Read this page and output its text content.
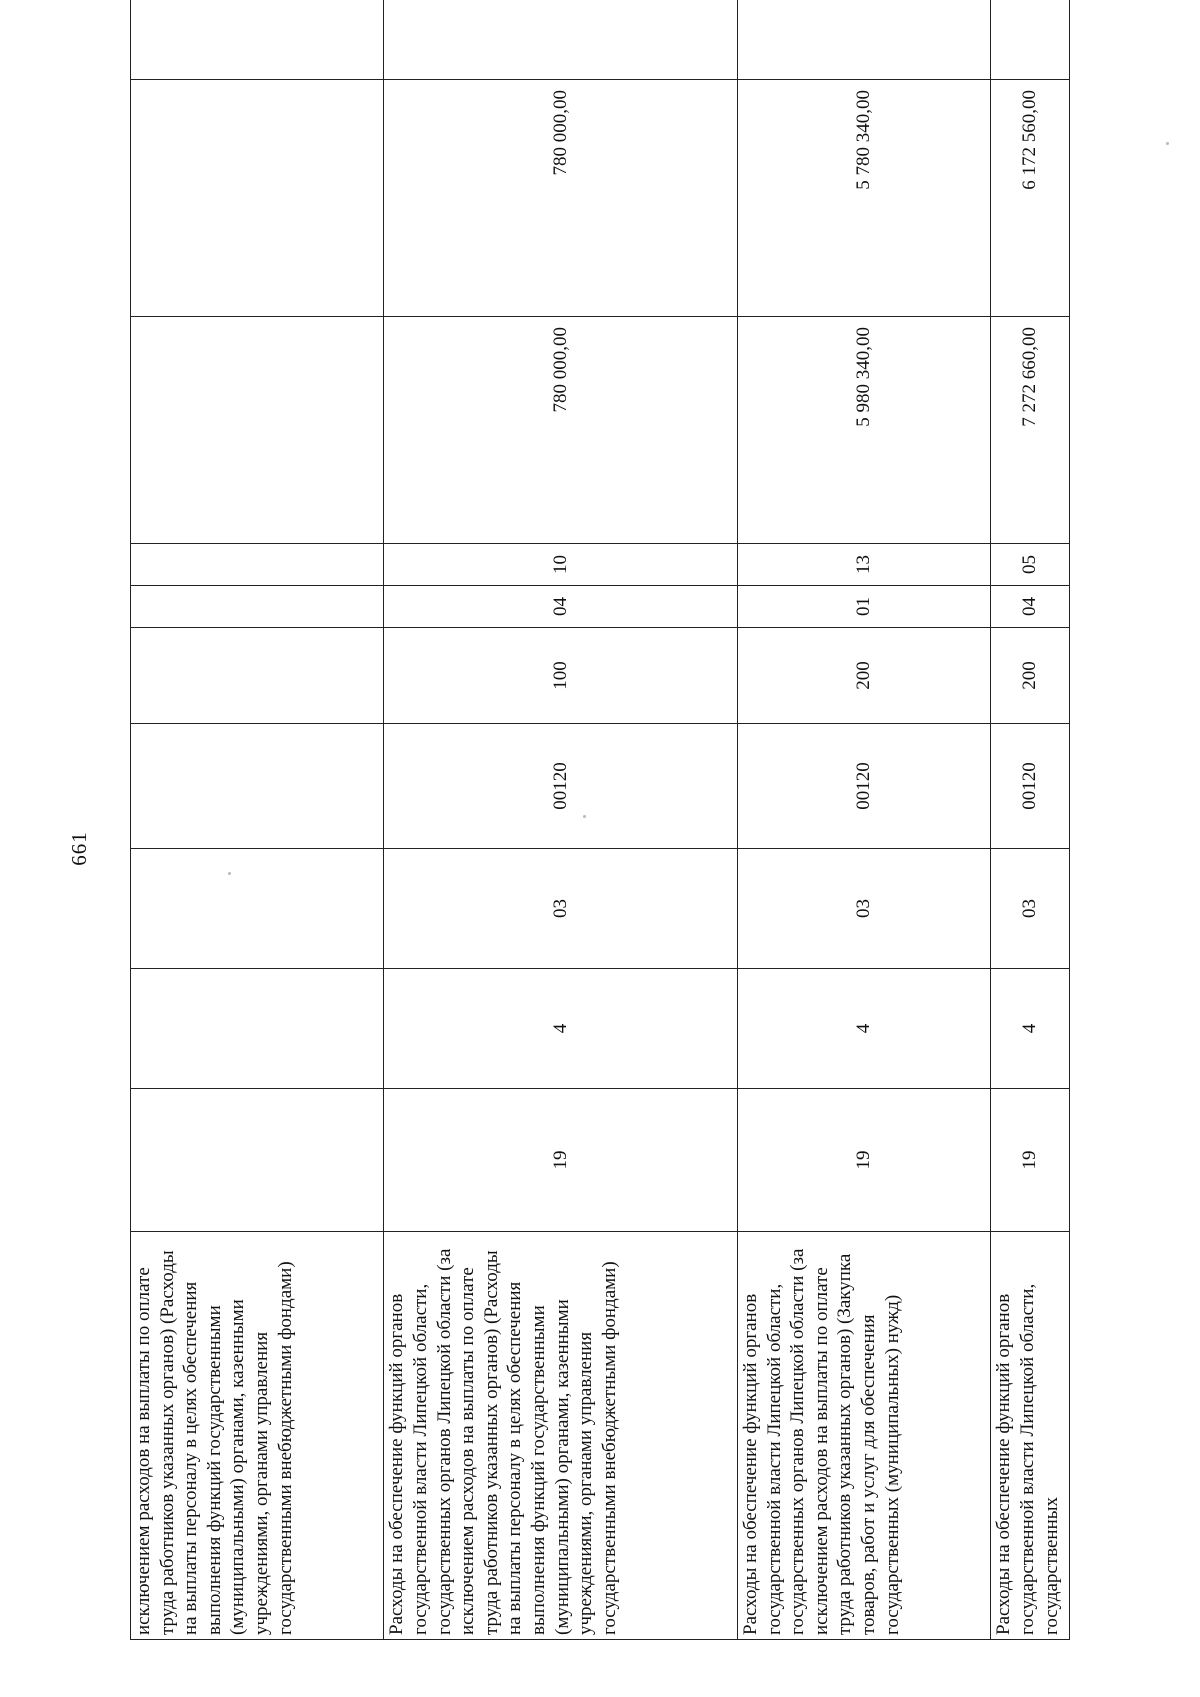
661
исключением расходов на выплаты по оплате труда работников указанных органов) (Расходы на выплаты персоналу в целях обеспечения выполнения функций государственными (муниципальными) органами, казенными учреждениями, органами управления государственными внебюджетными фондами)										
Расходы на обеспечение функций органов государственной власти Липецкой области, государственных органов Липецкой области (за исключением расходов на выплаты по оплате труда работников указанных органов) (Расходы на выплаты персоналу в целях обеспечения выполнения функций государственными (муниципальными) органами, казенными учреждениями, органами управления государственными внебюджетными фондами)	19	4	03	00120	100	04	10	780 000,00	780 000,00	
Расходы на обеспечение функций органов государственной власти Липецкой области, государственных органов Липецкой области (за исключением расходов на выплаты по оплате труда работников указанных органов) (Закупка товаров, работ и услуг для обеспечения государственных (муниципальных) нужд)	19	4	03	00120	200	01	13	5 980 340,00	5 780 340,00	
Расходы на обеспечение функций органов государственной власти Липецкой области, государственных	19	4	03	00120	200	04	05	7 272 660,00	6 172 560,00	
